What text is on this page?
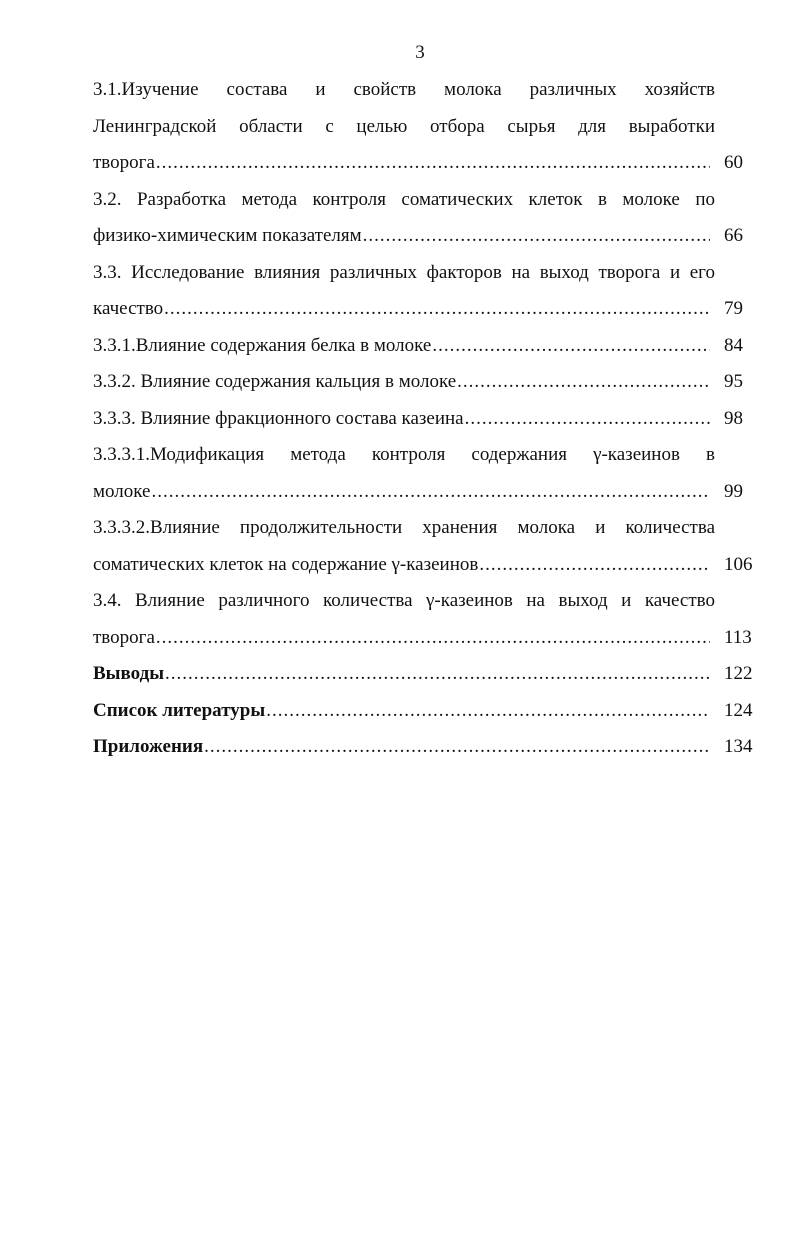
3
3.1.Изучение состава и свойств молока различных хозяйств
Ленинградской области с целью отбора сырья для выработки
творога .....	60
3.2. Разработка метода контроля соматических клеток в молоке по
физико-химическим показателям .....	66
3.3. Исследование влияния различных факторов на выход творога и его
качество .....	79
3.3.1.Влияние содержания белка в молоке .....	84
3.3.2. Влияние содержания кальция в молоке .....	95
3.3.3. Влияние фракционного состава казеина .....	98
3.3.3.1.Модификация метода контроля содержания γ-казеинов в
молоке .....	99
3.3.3.2.Влияние продолжительности хранения молока и количества
соматических клеток на содержание γ-казеинов .....	106
3.4. Влияние различного количества γ-казеинов на выход и качество
творога .....	113
Выводы .....	122
Список литературы .....	124
Приложения .....	134
